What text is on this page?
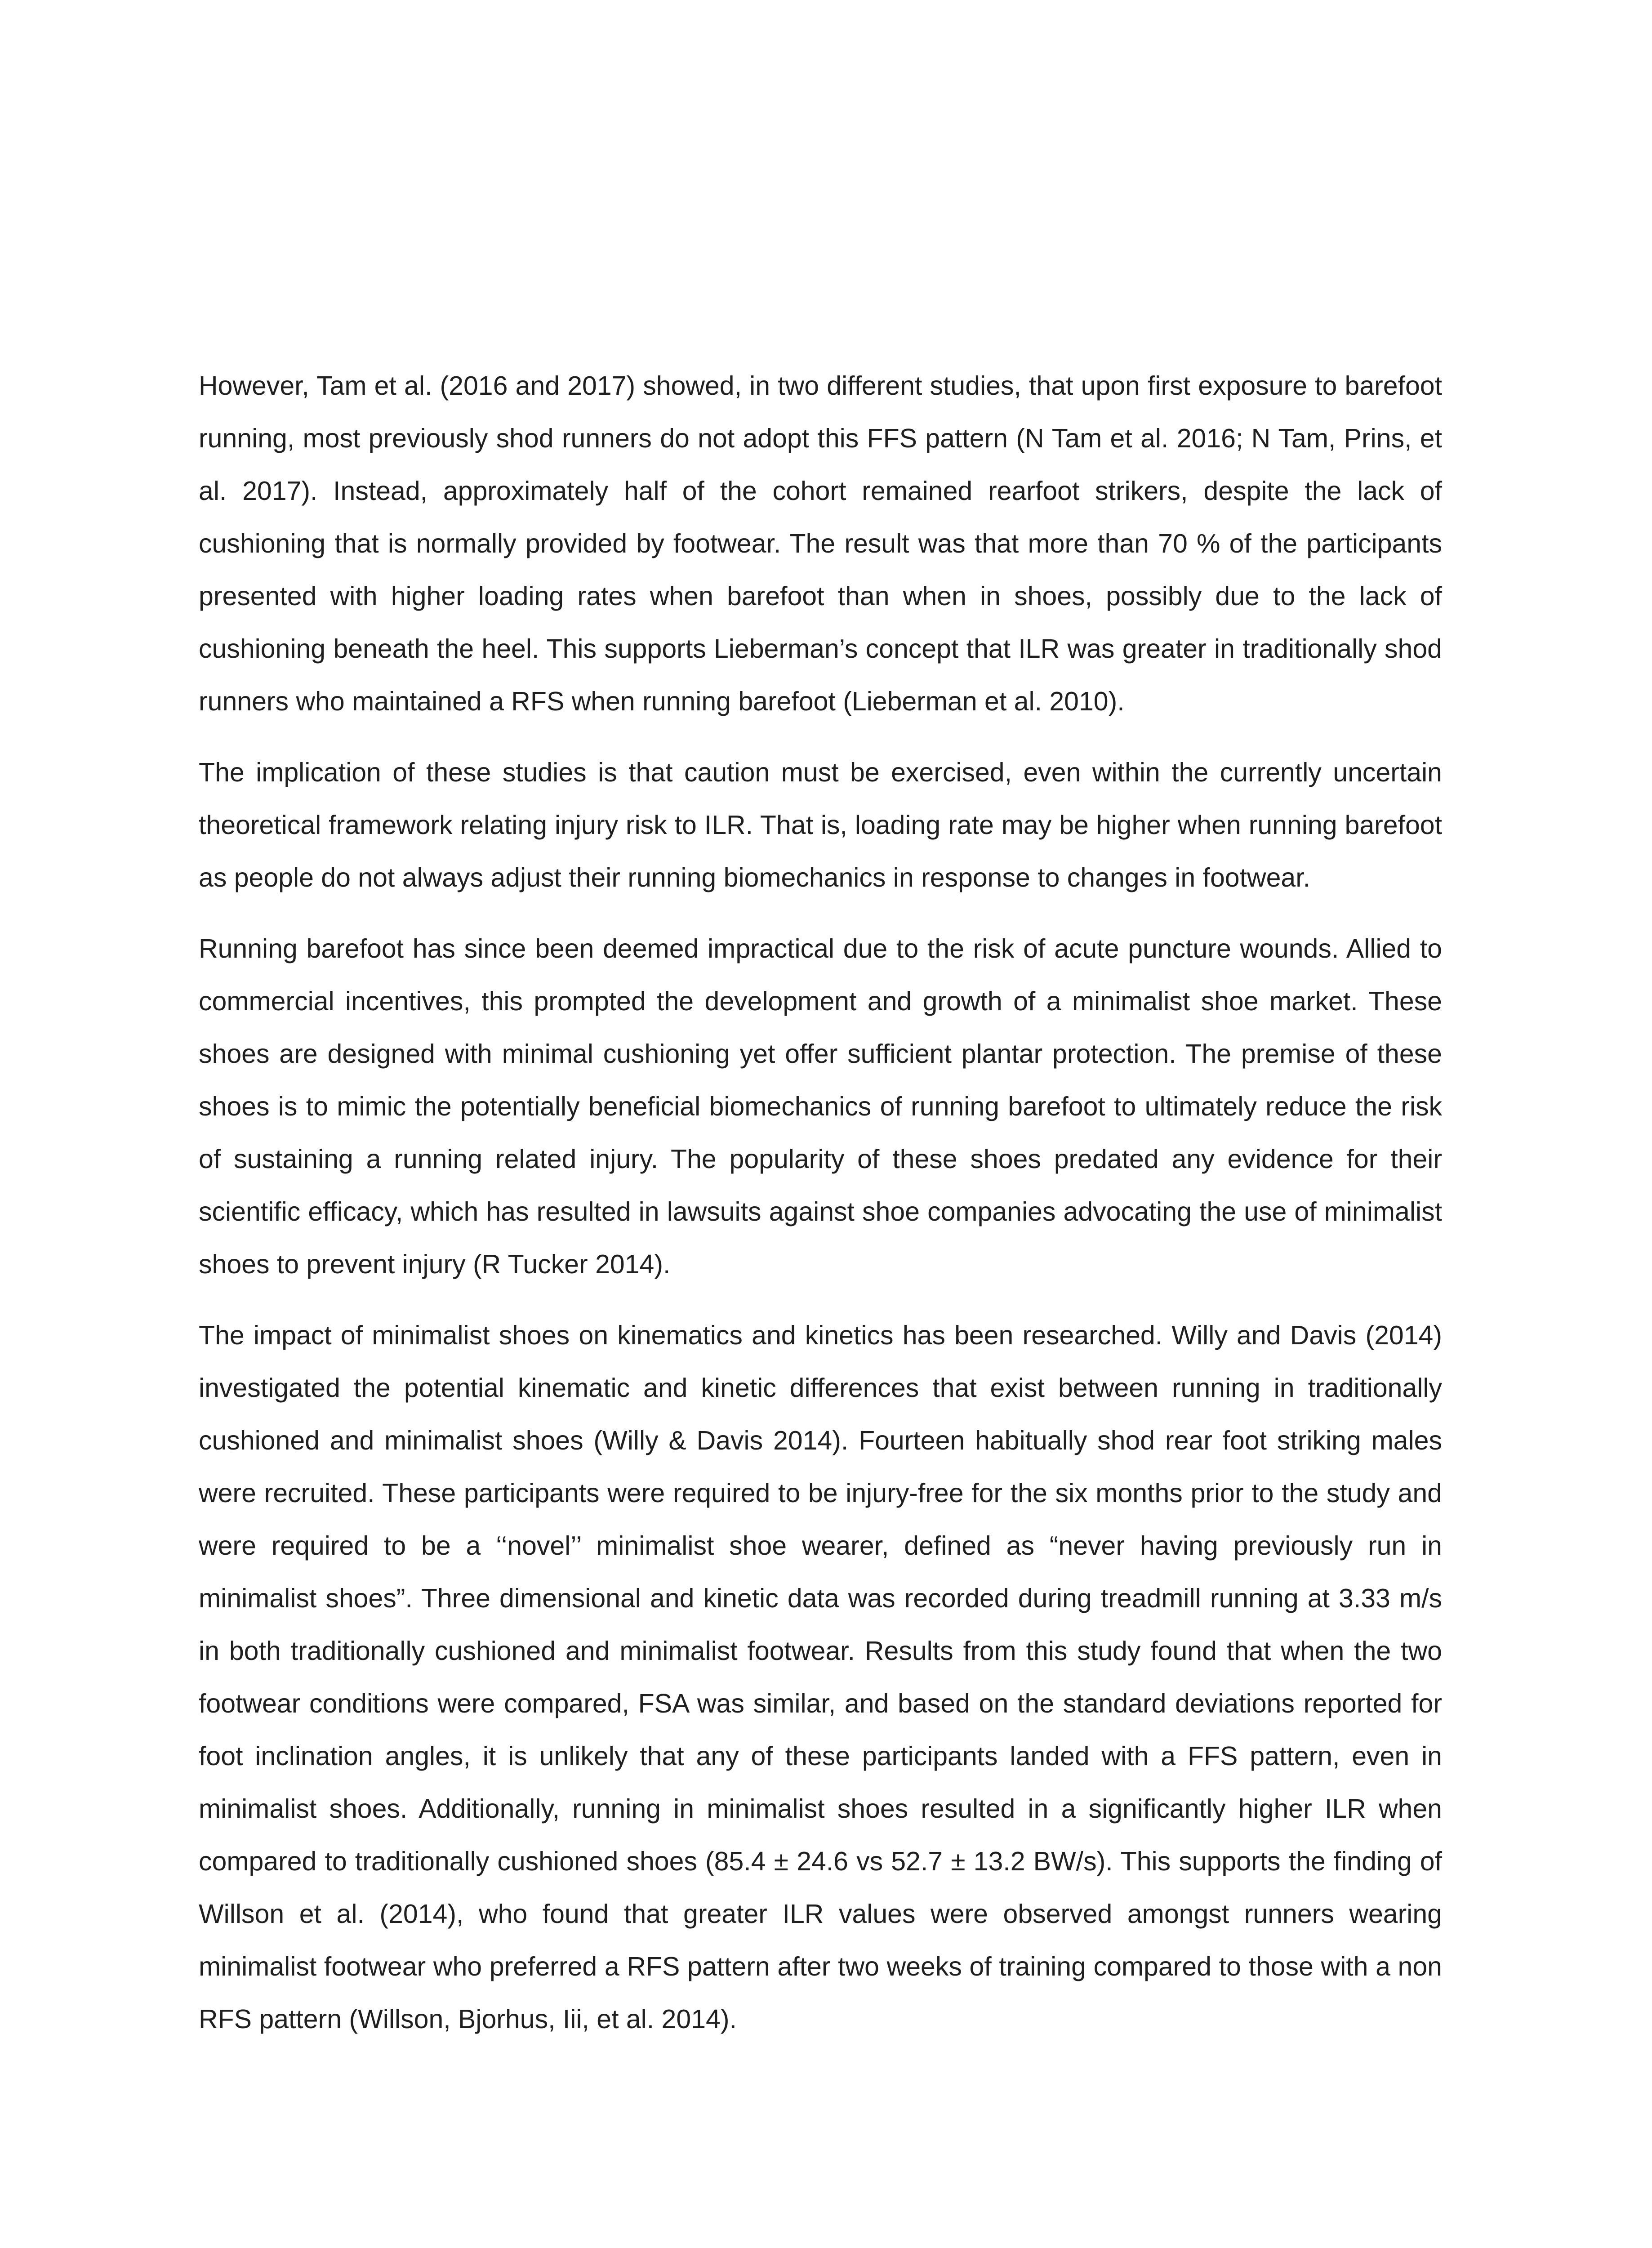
However, Tam et al. (2016 and 2017) showed, in two different studies, that upon first exposure to barefoot running, most previously shod runners do not adopt this FFS pattern (N Tam et al. 2016; N Tam, Prins, et al. 2017). Instead, approximately half of the cohort remained rearfoot strikers, despite the lack of cushioning that is normally provided by footwear. The result was that more than 70 % of the participants presented with higher loading rates when barefoot than when in shoes, possibly due to the lack of cushioning beneath the heel. This supports Lieberman’s concept that ILR was greater in traditionally shod runners who maintained a RFS when running barefoot (Lieberman et al. 2010).

The implication of these studies is that caution must be exercised, even within the currently uncertain theoretical framework relating injury risk to ILR. That is, loading rate may be higher when running barefoot as people do not always adjust their running biomechanics in response to changes in footwear.

Running barefoot has since been deemed impractical due to the risk of acute puncture wounds. Allied to commercial incentives, this prompted the development and growth of a minimalist shoe market. These shoes are designed with minimal cushioning yet offer sufficient plantar protection. The premise of these shoes is to mimic the potentially beneficial biomechanics of running barefoot to ultimately reduce the risk of sustaining a running related injury. The popularity of these shoes predated any evidence for their scientific efficacy, which has resulted in lawsuits against shoe companies advocating the use of minimalist shoes to prevent injury (R Tucker 2014).

The impact of minimalist shoes on kinematics and kinetics has been researched. Willy and Davis (2014) investigated the potential kinematic and kinetic differences that exist between running in traditionally cushioned and minimalist shoes (Willy & Davis 2014). Fourteen habitually shod rear foot striking males were recruited. These participants were required to be injury-free for the six months prior to the study and were required to be a ‘‘novel’’ minimalist shoe wearer, defined as “never having previously run in minimalist shoes”. Three dimensional and kinetic data was recorded during treadmill running at 3.33 m/s in both traditionally cushioned and minimalist footwear. Results from this study found that when the two footwear conditions were compared, FSA was similar, and based on the standard deviations reported for foot inclination angles, it is unlikely that any of these participants landed with a FFS pattern, even in minimalist shoes. Additionally, running in minimalist shoes resulted in a significantly higher ILR when compared to traditionally cushioned shoes (85.4 ± 24.6 vs 52.7 ± 13.2 BW/s). This supports the finding of Willson et al. (2014), who found that greater ILR values were observed amongst runners wearing minimalist footwear who preferred a RFS pattern after two weeks of training compared to those with a non RFS pattern (Willson, Bjorhus, Iii, et al. 2014).
